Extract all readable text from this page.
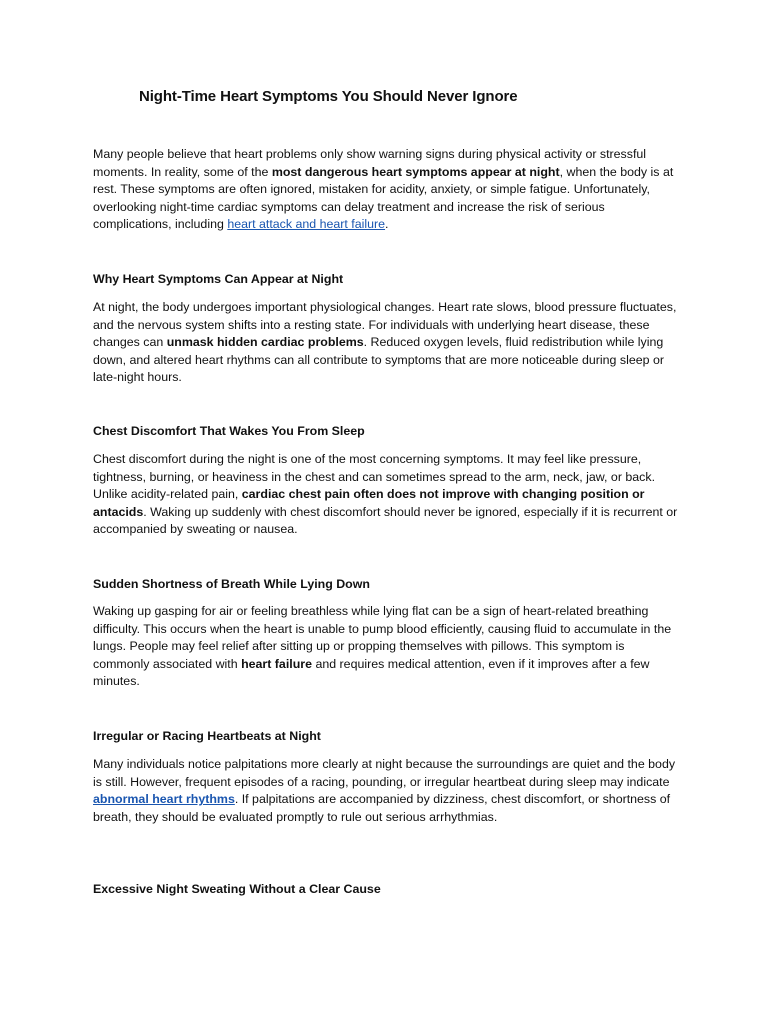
Night-Time Heart Symptoms You Should Never Ignore

Many people believe that heart problems only show warning signs during physical activity or stressful moments. In reality, some of the most dangerous heart symptoms appear at night, when the body is at rest. These symptoms are often ignored, mistaken for acidity, anxiety, or simple fatigue. Unfortunately, overlooking night-time cardiac symptoms can delay treatment and increase the risk of serious complications, including heart attack and heart failure.

Why Heart Symptoms Can Appear at Night

At night, the body undergoes important physiological changes. Heart rate slows, blood pressure fluctuates, and the nervous system shifts into a resting state. For individuals with underlying heart disease, these changes can unmask hidden cardiac problems. Reduced oxygen levels, fluid redistribution while lying down, and altered heart rhythms can all contribute to symptoms that are more noticeable during sleep or late-night hours.

Chest Discomfort That Wakes You From Sleep

Chest discomfort during the night is one of the most concerning symptoms. It may feel like pressure, tightness, burning, or heaviness in the chest and can sometimes spread to the arm, neck, jaw, or back. Unlike acidity-related pain, cardiac chest pain often does not improve with changing position or antacids. Waking up suddenly with chest discomfort should never be ignored, especially if it is recurrent or accompanied by sweating or nausea.

Sudden Shortness of Breath While Lying Down

Waking up gasping for air or feeling breathless while lying flat can be a sign of heart-related breathing difficulty. This occurs when the heart is unable to pump blood efficiently, causing fluid to accumulate in the lungs. People may feel relief after sitting up or propping themselves with pillows. This symptom is commonly associated with heart failure and requires medical attention, even if it improves after a few minutes.

Irregular or Racing Heartbeats at Night

Many individuals notice palpitations more clearly at night because the surroundings are quiet and the body is still. However, frequent episodes of a racing, pounding, or irregular heartbeat during sleep may indicate abnormal heart rhythms. If palpitations are accompanied by dizziness, chest discomfort, or shortness of breath, they should be evaluated promptly to rule out serious arrhythmias.

Excessive Night Sweating Without a Clear Cause
